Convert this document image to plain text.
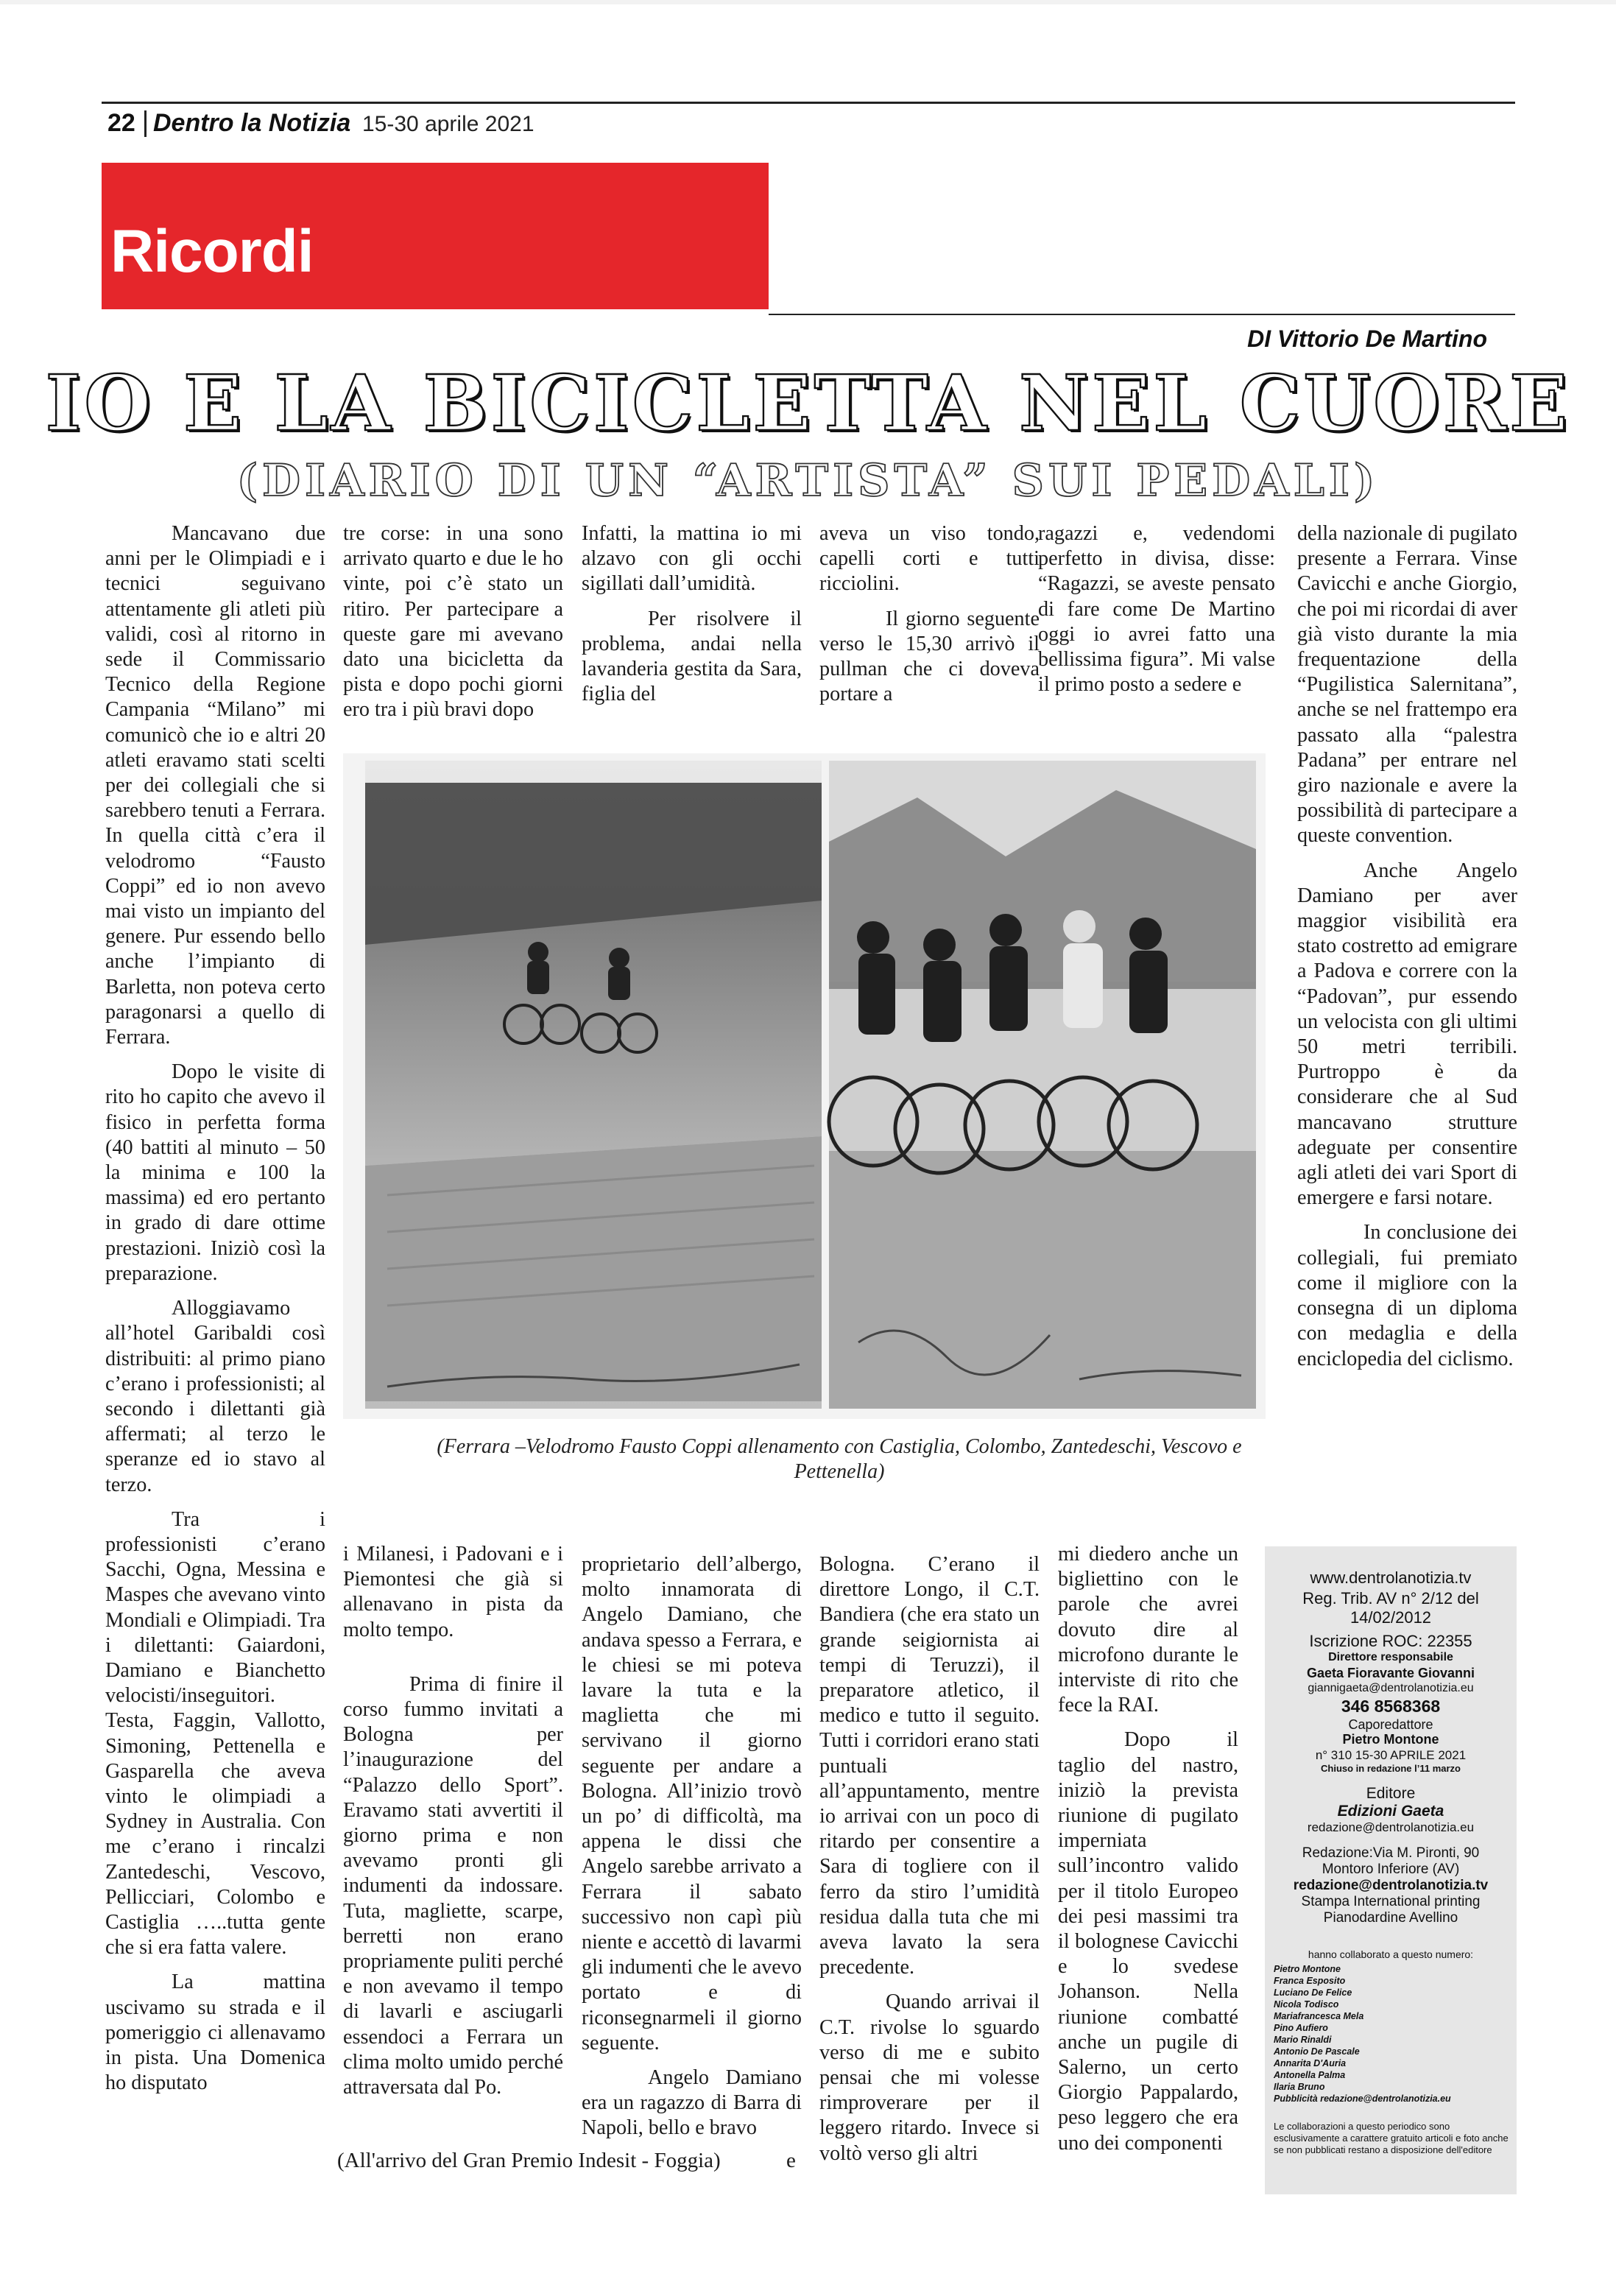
22 Dentro la Notizia 15-30 aprile 2021
Ricordi
DI Vittorio De Martino
IO E LA BICICLETTA NEL CUORE
(DIARIO DI UN “ARTISTA” SUI PEDALI)

Mancavano due anni per le Olimpiadi e i tecnici seguivano attentamente gli atleti più validi, così al ritorno in sede il Commissario Tecnico della Regione Campania “Milano” mi comunicò che io e altri 20 atleti eravamo stati scelti per dei collegiali che si sarebbero tenuti a Ferrara. In quella città c’era il velodromo “Fausto Coppi” ed io non avevo mai visto un impianto del genere. Pur essendo bello anche l’impianto di Barletta, non poteva certo paragonarsi a quello di Ferrara.

Dopo le visite di rito ho capito che avevo il fisico in perfetta forma (40 battiti al minuto – 50 la minima e 100 la massima) ed ero pertanto in grado di dare ottime prestazioni. Iniziò così la preparazione.

Alloggiavamo all’hotel Garibaldi così distribuiti: al primo piano c’erano i professionisti; al secondo i dilettanti già affermati; al terzo le speranze ed io stavo al terzo.

Tra i professionisti c’erano Sacchi, Ogna, Messina e Maspes che avevano vinto Mondiali e Olimpiadi. Tra i dilettanti: Gaiardoni, Damiano e Bianchetto velocisti/inseguitori. Testa, Faggin, Vallotto, Simoning, Pettenella e Gasparella che aveva vinto le olimpiadi a Sydney in Australia. Con me c’erano i rincalzi Zantedeschi, Vescovo, Pellicciari, Colombo e Castiglia …..tutta gente che si era fatta valere.

La mattina uscivamo su strada e il pomeriggio ci allenavamo in pista. Una Domenica ho disputato

tre corse: in una sono arrivato quarto e due le ho vinte, poi c’è stato un ritiro. Per partecipare a queste gare mi avevano dato una bicicletta da pista e dopo pochi giorni ero tra i più bravi dopo

Infatti, la mattina io mi alzavo con gli occhi sigillati dall’umidità.

Per risolvere il problema, andai nella lavanderia gestita da Sara, figlia del

aveva un viso tondo, capelli corti e tutti ricciolini.

Il giorno seguente verso le 15,30 arrivò il pullman che ci doveva portare a

ragazzi e, vedendomi perfetto in divisa, disse: “Ragazzi, se aveste pensato di fare come De Martino oggi io avrei fatto una bellissima figura”. Mi valse il primo posto a sedere e

della nazionale di pugilato presente a Ferrara. Vinse Cavicchi e anche Giorgio, che poi mi ricordai di aver già visto durante la mia frequentazione della “Pugilistica Salernitana”, anche se nel frattempo era passato alla “palestra Padana” per entrare nel giro nazionale e avere la possibilità di partecipare a queste convention.

Anche Angelo Damiano per aver maggior visibilità era stato costretto ad emigrare a Padova e correre con la “Padovan”, pur essendo un velocista con gli ultimi 50 metri terribili. Purtroppo è da considerare che al Sud mancavano strutture adeguate per consentire agli atleti dei vari Sport di emergere e farsi notare.

In conclusione dei collegiali, fui premiato come il migliore con la consegna di un diploma con medaglia e della enciclopedia del ciclismo.

(Ferrara –Velodromo Fausto Coppi allenamento con Castiglia, Colombo, Zantedeschi, Vescovo e Pettenella)

i Milanesi, i Padovani e i Piemontesi che già si allenavano in pista da molto tempo.

Prima di finire il corso fummo invitati a Bologna per l’inaugurazione del “Palazzo dello Sport”. Eravamo stati avvertiti il giorno prima e non avevamo pronti gli indumenti da indossare. Tuta, magliette, scarpe, berretti non erano propriamente puliti perché e non avevamo il tempo di lavarli e asciugarli essendoci a Ferrara un clima molto umido perché attraversata dal Po.

(All'arrivo del Gran Premio Indesit - Foggia)

proprietario dell’albergo, molto innamorata di Angelo Damiano, che andava spesso a Ferrara, e le chiesi se mi poteva lavare la tuta e la maglietta che mi servivano il giorno seguente per andare a Bologna. All’inizio trovò un po’ di difficoltà, ma appena le dissi che Angelo sarebbe arrivato a Ferrara il sabato successivo non capì più niente e accettò di lavarmi gli indumenti che le avevo portato e di riconsegnarmeli il giorno seguente.

Angelo Damiano era un ragazzo di Barra di Napoli, bello e bravo

e

Bologna. C’erano il direttore Longo, il C.T. Bandiera (che era stato un grande seigiornista ai tempi di Teruzzi), il preparatore atletico, il medico e tutto il seguito. Tutti i corridori erano stati puntuali all’appuntamento, mentre io arrivai con un poco di ritardo per consentire a Sara di togliere con il ferro da stiro l’umidità residua dalla tuta che mi aveva lavato la sera precedente.

Quando arrivai il C.T. rivolse lo sguardo verso di me e subito pensai che mi volesse rimproverare per il leggero ritardo. Invece si voltò verso gli altri

mi diedero anche un bigliettino con le parole che avrei dovuto dire al microfono durante le interviste di rito che fece la RAI.

Dopo il taglio del nastro, iniziò la prevista riunione di pugilato imperniata sull’incontro valido per il titolo Europeo dei pesi massimi tra il bolognese Cavicchi e lo svedese Johanson. Nella riunione combatté anche un pugile di Salerno, un certo Giorgio Pappalardo, peso leggero che era uno dei componenti

www.dentrolanotizia.tv
Reg. Trib. AV n° 2/12 del 14/02/2012
Iscrizione ROC: 22355
Direttore responsabile
Gaeta Fioravante Giovanni
giannigaeta@dentrolanotizia.eu
346 8568368
Caporedattore
Pietro Montone
n° 310 15-30 APRILE 2021
Chiuso in redazione l’11 marzo
Editore
Edizioni Gaeta
redazione@dentrolanotizia.eu
Redazione:Via M. Pironti, 90 Montoro Inferiore (AV)
redazione@dentrolanotizia.tv
Stampa International printing Pianodardine Avellino
hanno collaborato a questo numero:
Pietro Montone
Franca Esposito
Luciano De Felice
Nicola Todisco
Mariafrancesca Mela
Pino Aufiero
Mario Rinaldi
Antonio De Pascale
Annarita D'Auria
Antonella Palma
Ilaria Bruno
Pubblicità redazione@dentrolanotizia.eu
Le collaborazioni a questo periodico sono esclusivamente a carattere gratuito articoli e foto anche se non pubblicati restano a disposizione dell'editore
